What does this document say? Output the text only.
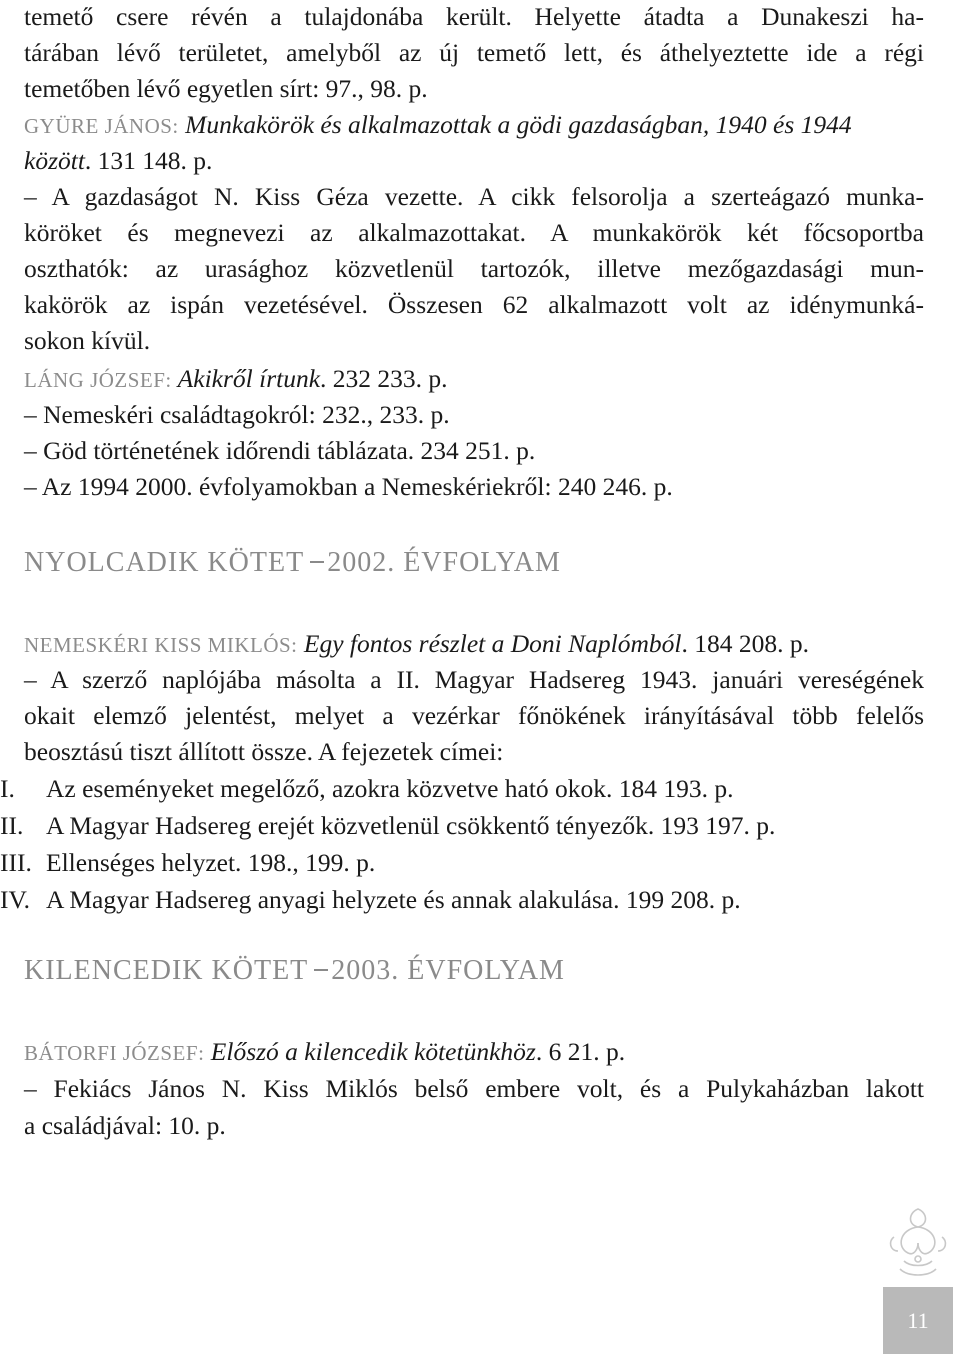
temető csere révén a tulajdonába került. Helyette átadta a Dunakeszi ha-
tárában lévő területet, amelyből az új temető lett, és áthelyeztette ide a régi
temetőben lévő egyetlen sírt: 97., 98. p.
GYÜRE JÁNOS: Munkakörök és alkalmazottak a gödi gazdaságban, 1940 és 1944
között. 131 148. p.
– A gazdaságot N. Kiss Géza vezette. A cikk felsorolja a szerteágazó munka-
köröket és megnevezi az alkalmazottakat. A munkakörök két főcsoportba
oszthatók: az urasághoz közvetlenül tartozók, illetve mezőgazdasági mun-
kakörök az ispán vezetésével. Összesen 62 alkalmazott volt az idénymunká-
sokon kívül.
LÁNG JÓZSEF: Akikről írtunk. 232 233. p.
– Nemeskéri családtagokról: 232., 233. p.
– Göd történetének időrendi táblázata. 234 251. p.
– Az 1994 2000. évfolyamokban a Nemeskériekről: 240 246. p.
NYOLCADIK KÖTET 2002. ÉVFOLYAM
NEMESKÉRI KISS MIKLÓS: Egy fontos részlet a Doni Naplómból. 184 208. p.
– A szerző naplójába másolta a II. Magyar Hadsereg 1943. januári vereségének
okait elemző jelentést, melyet a vezérkar főnökének irányításával több felelős
beosztású tiszt állított össze. A fejezetek címei:
I. Az eseményeket megelőző, azokra közvetve ható okok. 184 193. p.
II. A Magyar Hadsereg erejét közvetlenül csökkentő tényezők. 193 197. p.
III. Ellenséges helyzet. 198., 199. p.
IV. A Magyar Hadsereg anyagi helyzete és annak alakulása. 199 208. p.
KILENCEDIK KÖTET 2003. ÉVFOLYAM
BÁTORFI JÓZSEF: Előszó a kilencedik kötetünkhöz. 6 21. p.
– Fekiács János N. Kiss Miklós belső embere volt, és a Pulykaházban lakott
a családjával: 10. p.
11
